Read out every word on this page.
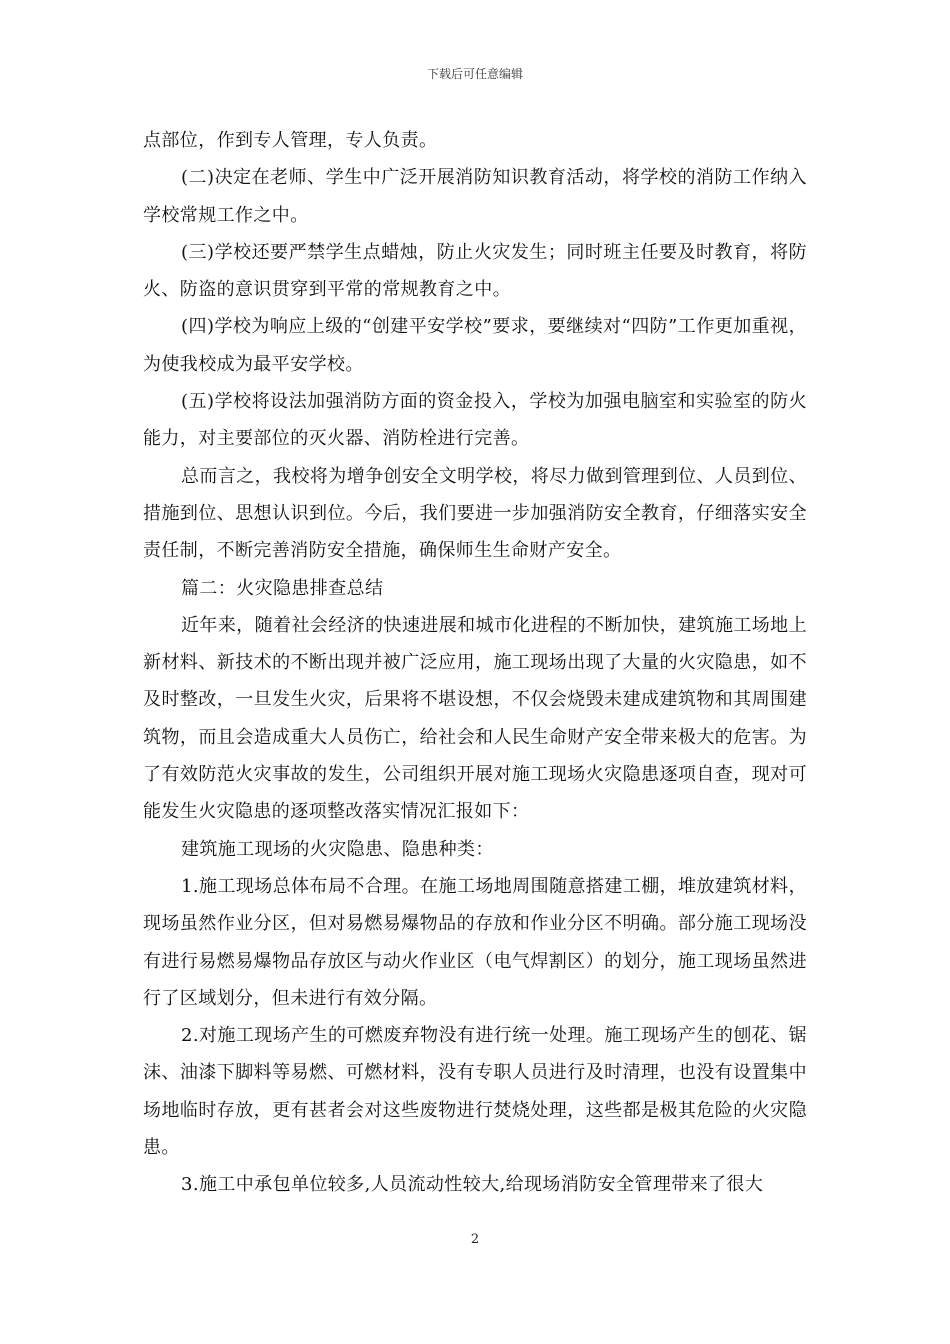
下载后可任意编辑

点部位，作到专人管理，专人负责。

(二)决定在老师、学生中广泛开展消防知识教育活动，将学校的消防工作纳入学校常规工作之中。

(三)学校还要严禁学生点蜡烛，防止火灾发生；同时班主任要及时教育，将防火、防盗的意识贯穿到平常的常规教育之中。

(四)学校为响应上级的“创建平安学校”要求，要继续对“四防”工作更加重视，为使我校成为最平安学校。

(五)学校将设法加强消防方面的资金投入，学校为加强电脑室和实验室的防火能力，对主要部位的灭火器、消防栓进行完善。

总而言之，我校将为增争创安全文明学校，将尽力做到管理到位、人员到位、措施到位、思想认识到位。今后，我们要进一步加强消防安全教育，仔细落实安全责任制，不断完善消防安全措施，确保师生生命财产安全。

篇二：火灾隐患排查总结

近年来，随着社会经济的快速进展和城市化进程的不断加快，建筑施工场地上新材料、新技术的不断出现并被广泛应用，施工现场出现了大量的火灾隐患，如不及时整改，一旦发生火灾，后果将不堪设想，不仅会烧毁未建成建筑物和其周围建筑物，而且会造成重大人员伤亡，给社会和人民生命财产安全带来极大的危害。为了有效防范火灾事故的发生，公司组织开展对施工现场火灾隐患逐项自查，现对可能发生火灾隐患的逐项整改落实情况汇报如下：

建筑施工现场的火灾隐患、隐患种类：

1.施工现场总体布局不合理。在施工场地周围随意搭建工棚，堆放建筑材料，现场虽然作业分区，但对易燃易爆物品的存放和作业分区不明确。部分施工现场没有进行易燃易爆物品存放区与动火作业区（电气焊割区）的划分，施工现场虽然进行了区域划分，但未进行有效分隔。

2.对施工现场产生的可燃废弃物没有进行统一处理。施工现场产生的刨花、锯沫、油漆下脚料等易燃、可燃材料，没有专职人员进行及时清理，也没有设置集中场地临时存放，更有甚者会对这些废物进行焚烧处理，这些都是极其危险的火灾隐患。

3.施工中承包单位较多,人员流动性较大,给现场消防安全管理带来了很大

2
